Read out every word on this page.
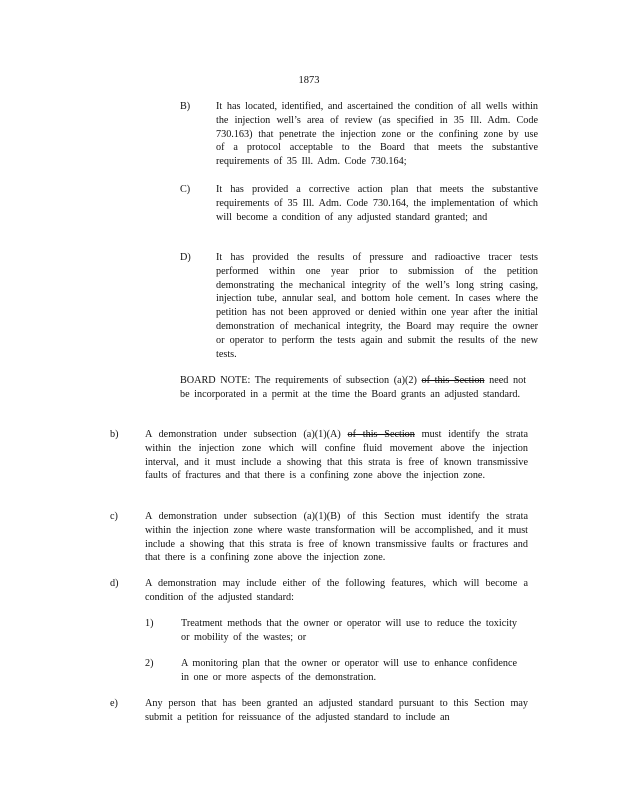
1873
B)	It has located, identified, and ascertained the condition of all wells within the injection well’s area of review (as specified in 35 Ill. Adm. Code 730.163) that penetrate the injection zone or the confining zone by use of a protocol acceptable to the Board that meets the substantive requirements of 35 Ill. Adm. Code 730.164;
C)	It has provided a corrective action plan that meets the substantive requirements of 35 Ill. Adm. Code 730.164, the implementation of which will become a condition of any adjusted standard granted; and
D) It has provided the results of pressure and radioactive tracer tests performed within one year prior to submission of the petition demonstrating the mechanical integrity of the well’s long string casing, injection tube, annular seal, and bottom hole cement. In cases where the petition has not been approved or denied within one year after the initial demonstration of mechanical integrity, the Board may require the owner or operator to perform the tests again and submit the results of the new tests.
BOARD NOTE: The requirements of subsection (a)(2) of this Section need not be incorporated in a permit at the time the Board grants an adjusted standard.
b)	A demonstration under subsection (a)(1)(A) of this Section must identify the strata within the injection zone which will confine fluid movement above the injection interval, and it must include a showing that this strata is free of known transmissive faults of fractures and that there is a confining zone above the injection zone.
c)	A demonstration under subsection (a)(1)(B) of this Section must identify the strata within the injection zone where waste transformation will be accomplished, and it must include a showing that this strata is free of known transmissive faults or fractures and that there is a confining zone above the injection zone.
d)	A demonstration may include either of the following features, which will become a condition of the adjusted standard:
1)	Treatment methods that the owner or operator will use to reduce the toxicity or mobility of the wastes; or
2)	A monitoring plan that the owner or operator will use to enhance confidence in one or more aspects of the demonstration.
e)	Any person that has been granted an adjusted standard pursuant to this Section may submit a petition for reissuance of the adjusted standard to include an
